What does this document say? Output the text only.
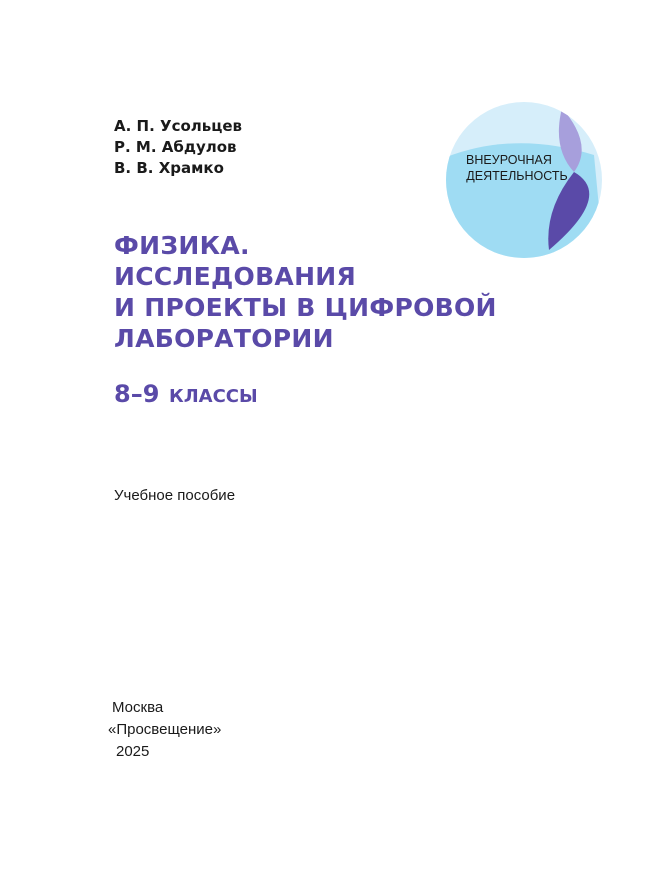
А. П. Усольцев
Р. М. Абдулов
В. В. Храмко	ВНЕУРОЧНАЯ
ДЕЯТЕЛЬНОСТЬ
ФИЗИКА.
ИССЛЕДОВАНИЯ
И ПРОЕКТЫ В ЦИФРОВОЙ
ЛАБОРАТОРИИ
8–9 КЛАССЫ
Учебное пособие
Москва
«Просвещение»
2025
